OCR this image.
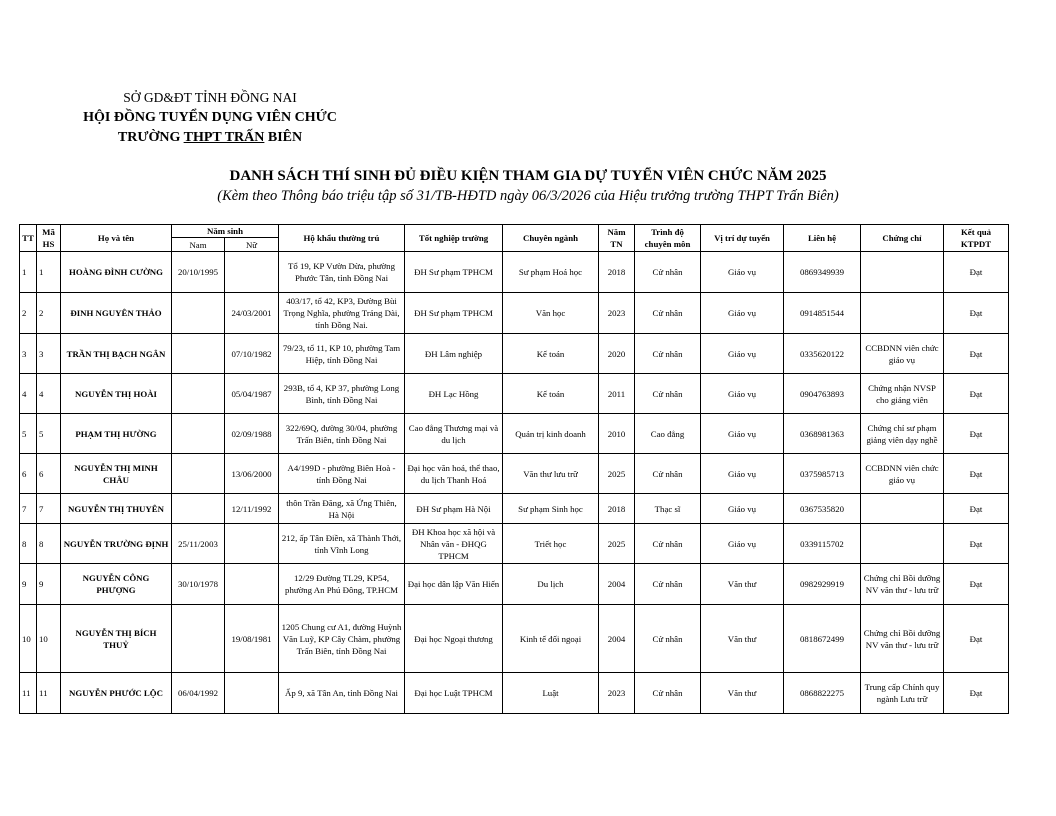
SỞ GD&ĐT TỈNH ĐỒNG NAI
HỘI ĐỒNG TUYỂN DỤNG VIÊN CHỨC
TRƯỜNG THPT TRẤN BIÊN
DANH SÁCH THÍ SINH ĐỦ ĐIỀU KIỆN THAM GIA DỰ TUYỂN VIÊN CHỨC NĂM 2025
(Kèm theo Thông báo triệu tập số 31/TB-HĐTD ngày 06/3/2026 của Hiệu trưởng trường THPT Trấn Biên)
TT	Mã HS	Họ và tên	Năm sinh		Hộ khẩu thường trú	Tốt nghiệp trường	Chuyên ngành	Năm TN	Trình độ chuyên môn	Vị trí dự tuyển	Liên hệ	Chứng chỉ	Kết quả KTPDT
			Nam	Nữ									
1	1	HOÀNG ĐÌNH CƯỜNG	20/10/1995		Tổ 19, KP Vườn Dừa, phường Phước Tân, tỉnh Đồng Nai	ĐH Sư phạm TPHCM	Sư phạm Hoá học	2018	Cử nhân	Giáo vụ	0869349939		Đạt
2	2	ĐINH NGUYÊN THẢO		24/03/2001	403/17, tổ 42, KP3, Đường Bùi Trọng Nghĩa, phường Trảng Dài, tỉnh Đồng Nai.	ĐH Sư phạm TPHCM	Văn học	2023	Cử nhân	Giáo vụ	0914851544		Đạt
3	3	TRẦN THỊ BẠCH NGÂN		07/10/1982	79/23, tổ 11, KP 10, phường Tam Hiệp, tỉnh Đồng Nai	ĐH Lâm nghiệp	Kế toán	2020	Cử nhân	Giáo vụ	0335620122	CCBDNN viên chức giáo vụ	Đạt
4	4	NGUYỄN THỊ HOÀI		05/04/1987	293B, tổ 4, KP 37, phường Long Bình, tỉnh Đồng Nai	ĐH Lạc Hồng	Kế toán	2011	Cử nhân	Giáo vụ	0904763893	Chứng nhận NVSP cho giảng viên	Đạt
5	5	PHẠM THỊ HƯỜNG		02/09/1988	322/69Q, đường 30/04, phường Trấn Biên, tỉnh Đồng Nai	Cao đẳng Thương mại và du lịch	Quản trị kinh doanh	2010	Cao đẳng	Giáo vụ	0368981363	Chứng chỉ sư phạm giảng viên dạy nghề	Đạt
6	6	NGUYỄN THỊ MINH CHÂU		13/06/2000	A4/199D - phường Biên Hoà - tỉnh Đồng Nai	Đại học văn hoá, thể thao, du lịch Thanh Hoá	Văn thư lưu trữ	2025	Cử nhân	Giáo vụ	0375985713	CCBDNN viên chức giáo vụ	Đạt
7	7	NGUYỄN THỊ THUYÊN		12/11/1992	thôn Trần Đăng, xã Ứng Thiên, Hà Nội	ĐH Sư phạm Hà Nội	Sư phạm Sinh học	2018	Thạc sĩ	Giáo vụ	0367535820		Đạt
8	8	NGUYỄN TRƯỜNG ĐỊNH	25/11/2003		212, ấp Tân Điền, xã Thành Thới, tỉnh Vĩnh Long	ĐH Khoa học xã hội và Nhân văn - ĐHQG TPHCM	Triết học	2025	Cử nhân	Giáo vụ	0339115702		Đạt
9	9	NGUYỄN CÔNG PHƯỢNG	30/10/1978		12/29 Đường TL29, KP54, phường An Phú Đông, TP.HCM	Đại học dân lập Văn Hiến	Du lịch	2004	Cử nhân	Văn thư	0982929919	Chứng chỉ Bồi dưỡng NV văn thư - lưu trữ	Đạt
10	10	NGUYỄN THỊ BÍCH THUỶ		19/08/1981	1205 Chung cư A1, đường Huỳnh Văn Luỹ, KP Cây Chàm, phường Trấn Biên, tỉnh Đồng Nai	Đại học Ngoại thương	Kinh tế đối ngoại	2004	Cử nhân	Văn thư	0818672499	Chứng chỉ Bồi dưỡng NV văn thư - lưu trữ	Đạt
11	11	NGUYỄN PHƯỚC LỘC	06/04/1992		Ấp 9, xã Tân An, tỉnh Đồng Nai	Đại học Luật TPHCM	Luật	2023	Cử nhân	Văn thư	0868822275	Trung cấp Chính quy ngành Lưu trữ	Đạt
